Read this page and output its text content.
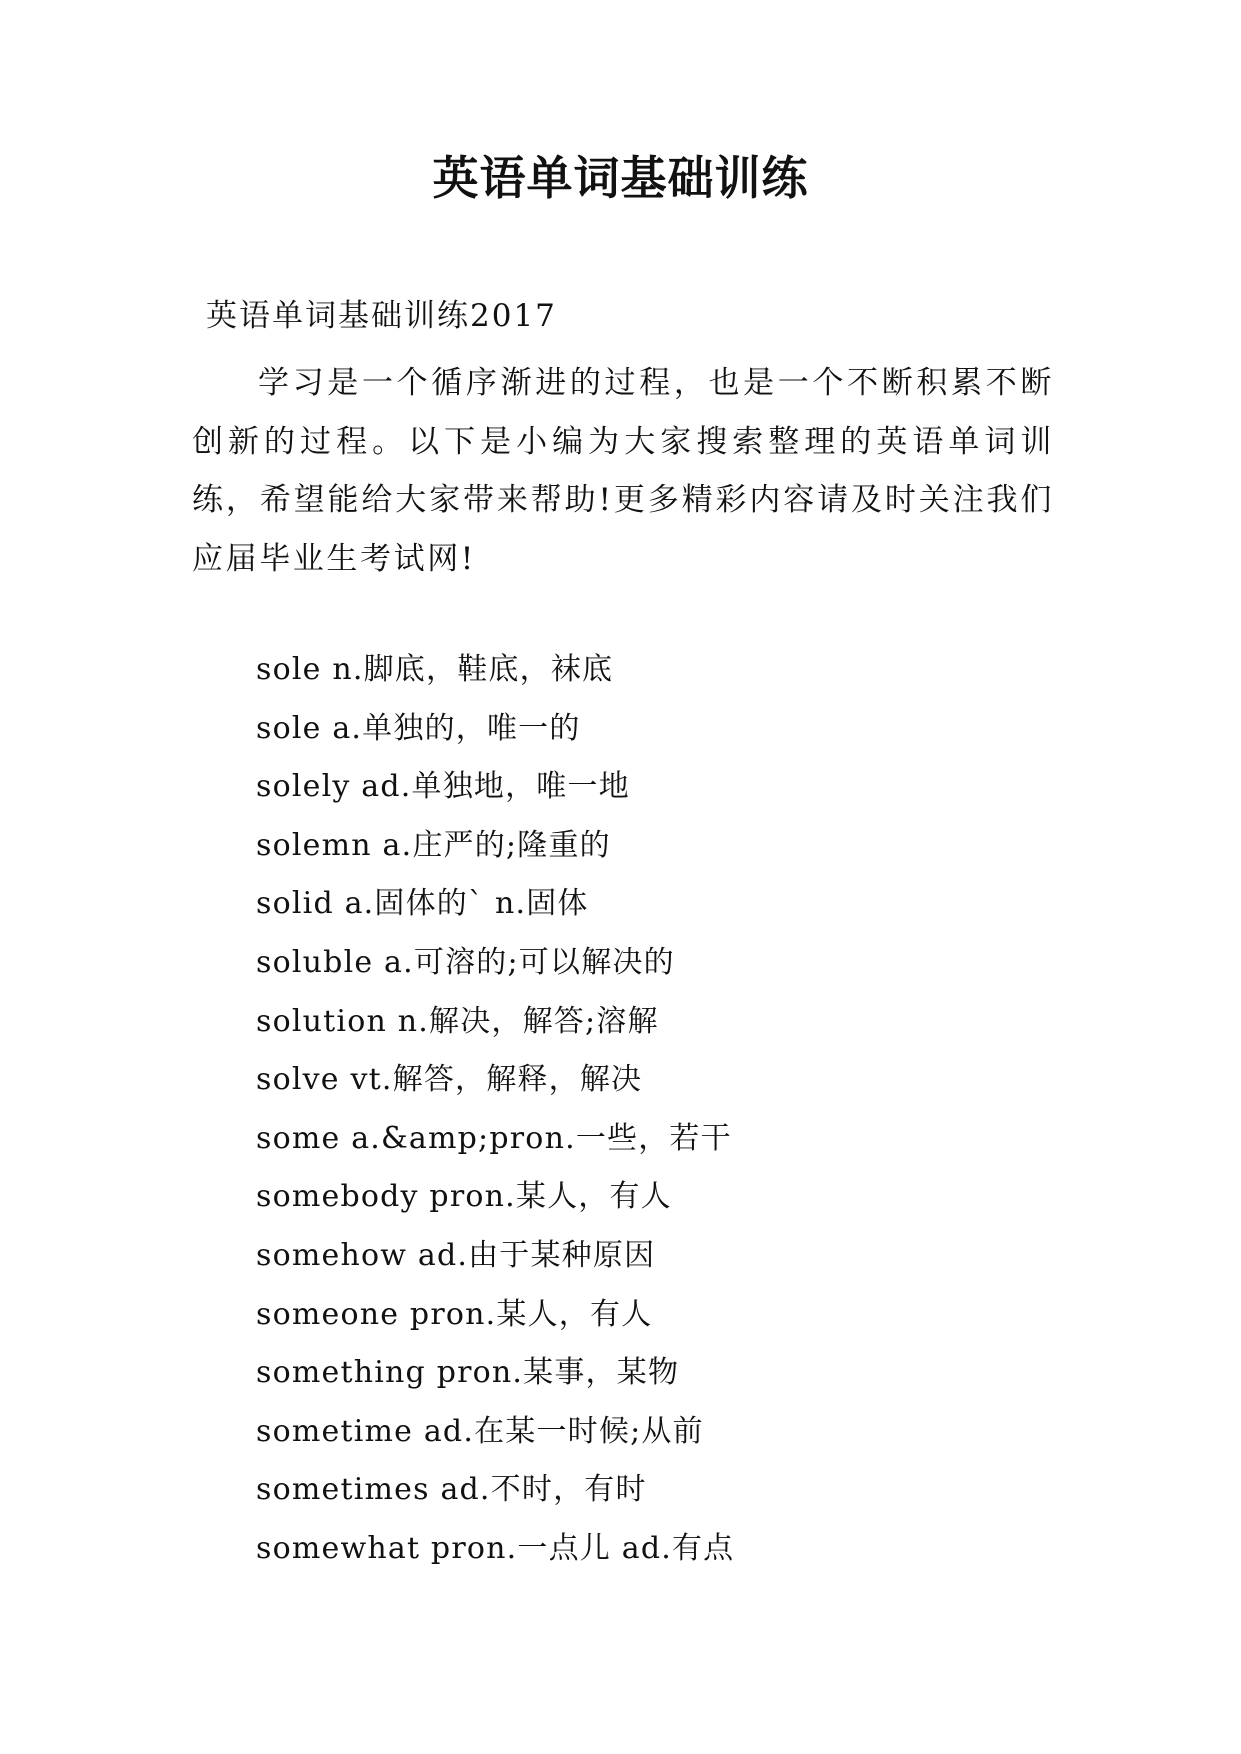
英语单词基础训练
英语单词基础训练2017

学习是一个循序渐进的过程，也是一个不断积累不断创新的过程。以下是小编为大家搜索整理的英语单词训练，希望能给大家带来帮助!更多精彩内容请及时关注我们应届毕业生考试网!

sole n.脚底，鞋底，袜底
sole a.单独的，唯一的
solely ad.单独地，唯一地
solemn a.庄严的;隆重的
solid a.固体的` n.固体
soluble a.可溶的;可以解决的
solution n.解决，解答;溶解
solve vt.解答，解释，解决
some a.&amp;pron.一些，若干
somebody pron.某人，有人
somehow ad.由于某种原因
someone pron.某人，有人
something pron.某事，某物
sometime ad.在某一时候;从前
sometimes ad.不时，有时
somewhat pron.一点儿 ad.有点
